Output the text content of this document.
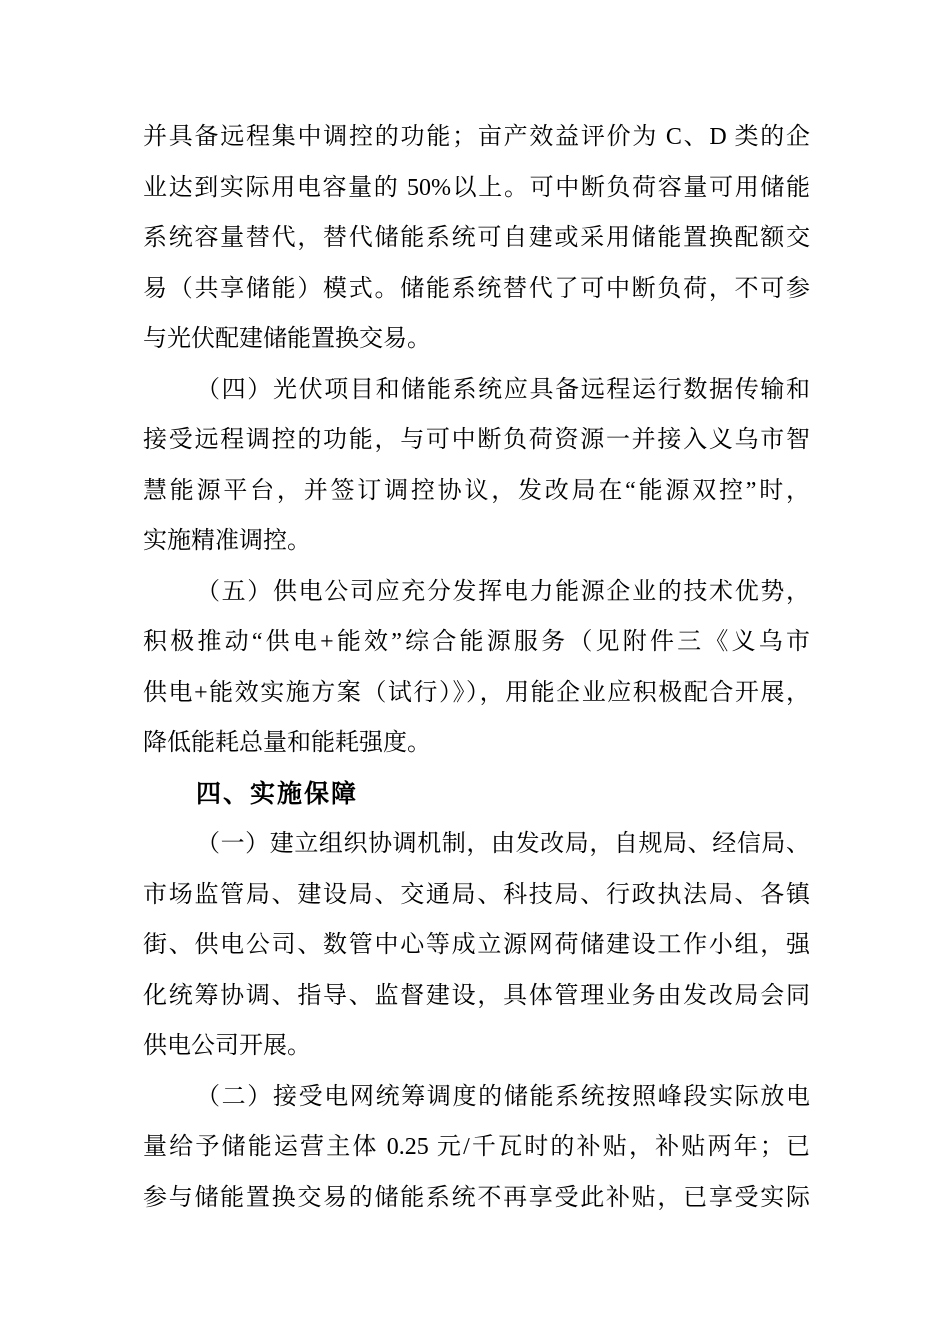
并具备远程集中调控的功能；亩产效益评价为 C、D 类的企
业达到实际用电容量的 50%以上。可中断负荷容量可用储能
系统容量替代，替代储能系统可自建或采用储能置换配额交
易（共享储能）模式。储能系统替代了可中断负荷，不可参
与光伏配建储能置换交易。
（四）光伏项目和储能系统应具备远程运行数据传输和
接受远程调控的功能，与可中断负荷资源一并接入义乌市智
慧能源平台，并签订调控协议，发改局在“能源双控”时，
实施精准调控。
（五）供电公司应充分发挥电力能源企业的技术优势，
积极推动“供电+能效”综合能源服务（见附件三《义乌市
供电+能效实施方案（试行）》），用能企业应积极配合开展，
降低能耗总量和能耗强度。
四、实施保障
（一）建立组织协调机制，由发改局，自规局、经信局、
市场监管局、建设局、交通局、科技局、行政执法局、各镇
街、供电公司、数管中心等成立源网荷储建设工作小组，强
化统筹协调、指导、监督建设，具体管理业务由发改局会同
供电公司开展。
（二）接受电网统筹调度的储能系统按照峰段实际放电
量给予储能运营主体 0.25 元/千瓦时的补贴，补贴两年；已
参与储能置换交易的储能系统不再享受此补贴，已享受实际
